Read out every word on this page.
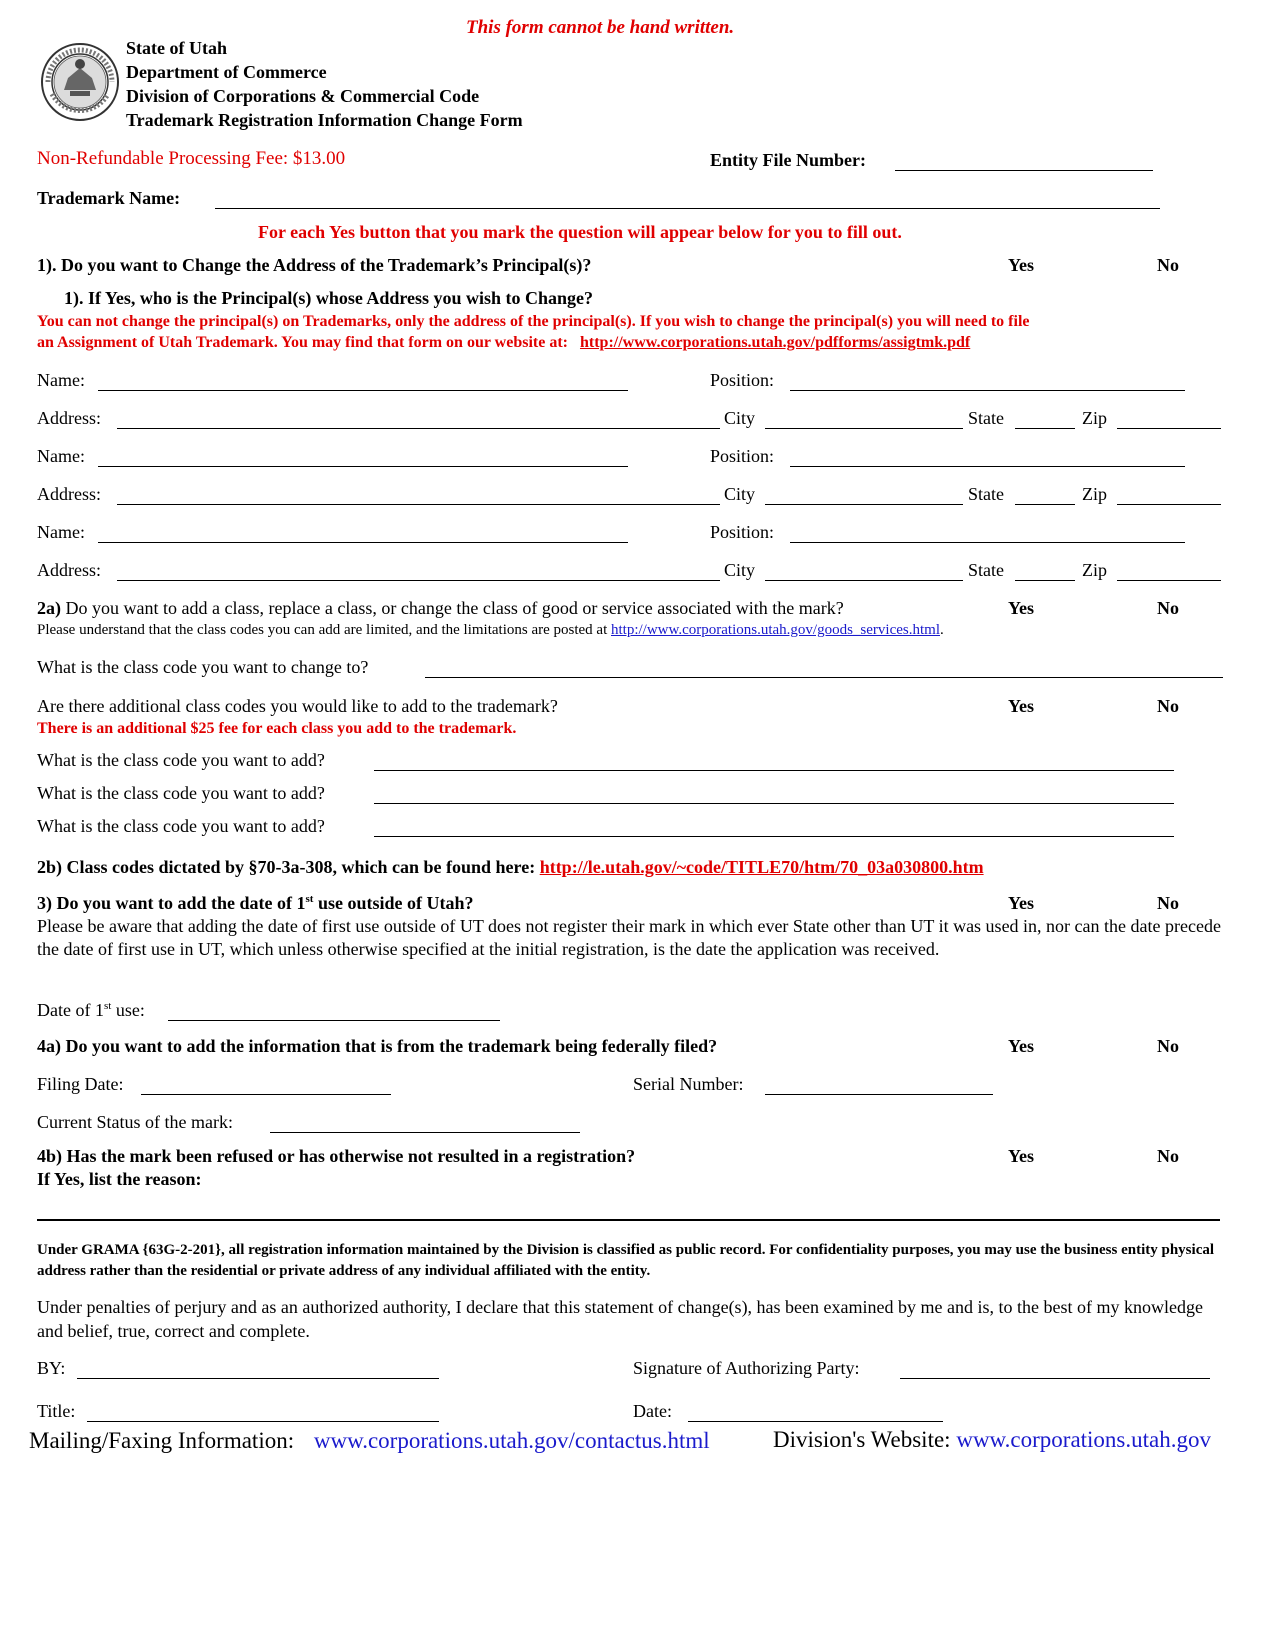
This form cannot be hand written.
State of Utah
Department of Commerce
Division of Corporations & Commercial Code
Trademark Registration Information Change Form
Non-Refundable Processing Fee: $13.00	Entity File Number:
Trademark Name:
For each Yes button that you mark the question will appear below for you to fill out.
1). Do you want to Change the Address of the Trademark’s Principal(s)?	Yes	No
1). If Yes, who is the Principal(s) whose Address you wish to Change?
You can not change the principal(s) on Trademarks, only the address of the principal(s). If you wish to change the principal(s) you will need to file
an Assignment of Utah Trademark. You may find that form on our website at: http://www.corporations.utah.gov/pdfforms/assigtmk.pdf
Name:	Position:
Address:	City	State	Zip
Name:	Position:
Address:	City	State	Zip
Name:	Position:
Address:	City	State	Zip
2a) Do you want to add a class, replace a class, or change the class of good or service associated with the mark?	Yes	No
Please understand that the class codes you can add are limited, and the limitations are posted at http://www.corporations.utah.gov/goods_services.html.
What is the class code you want to change to?
Are there additional class codes you would like to add to the trademark?	Yes	No
There is an additional $25 fee for each class you add to the trademark.
What is the class code you want to add?
What is the class code you want to add?
What is the class code you want to add?
2b) Class codes dictated by §70-3a-308, which can be found here: http://le.utah.gov/~code/TITLE70/htm/70_03a030800.htm
3) Do you want to add the date of 1st use outside of Utah?	Yes	No
Please be aware that adding the date of first use outside of UT does not register their mark in which ever State other than UT it was used in, nor can the date precede the date of first use in UT, which unless otherwise specified at the initial registration, is the date the application was received.
Date of 1st use:
4a) Do you want to add the information that is from the trademark being federally filed?	Yes	No
Filing Date:	Serial Number:
Current Status of the mark:
4b) Has the mark been refused or has otherwise not resulted in a registration?	Yes	No
If Yes, list the reason:
Under GRAMA {63G-2-201}, all registration information maintained by the Division is classified as public record. For confidentiality purposes, you may use the business entity physical address rather than the residential or private address of any individual affiliated with the entity.
Under penalties of perjury and as an authorized authority, I declare that this statement of change(s), has been examined by me and is, to the best of my knowledge and belief, true, correct and complete.
BY:	Signature of Authorizing Party:
Title:	Date:
Mailing/Faxing Information: www.corporations.utah.gov/contactus.html	Division's Website: www.corporations.utah.gov
